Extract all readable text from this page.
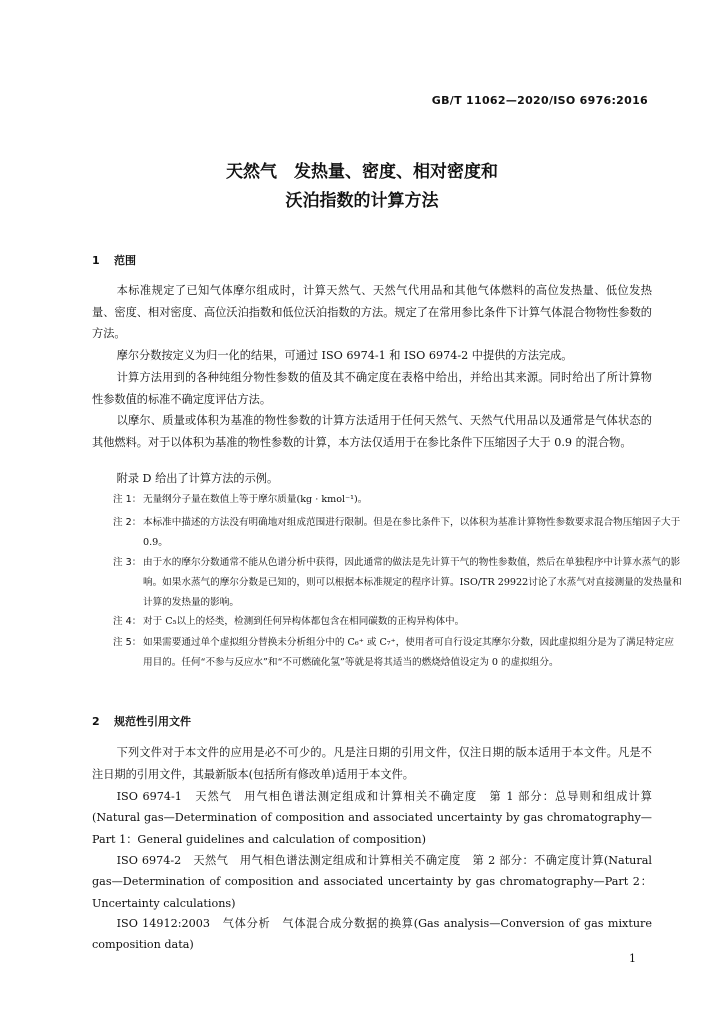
GB/T 11062—2020/ISO 6976:2016
天然气　发热量、密度、相对密度和
沃泊指数的计算方法
1 范围

本标准规定了已知气体摩尔组成时，计算天然气、天然气代用品和其他气体燃料的高位发热量、低位发热量、密度、相对密度、高位沃泊指数和低位沃泊指数的方法。规定了在常用参比条件下计算气体混合物物性参数的方法。

摩尔分数按定义为归一化的结果，可通过 ISO 6974-1 和 ISO 6974-2 中提供的方法完成。

计算方法用到的各种纯组分物性参数的值及其不确定度在表格中给出，并给出其来源。同时给出了所计算物性参数值的标准不确定度评估方法。

以摩尔、质量或体积为基准的物性参数的计算方法适用于任何天然气、天然气代用品以及通常是气体状态的其他燃料。对于以体积为基准的物性参数的计算，本方法仅适用于在参比条件下压缩因子大于 0.9 的混合物。

附录 D 给出了计算方法的示例。

注 1： 无量纲分子量在数值上等于摩尔质量(kg · kmol⁻¹)。
注 2： 本标准中描述的方法没有明确地对组成范围进行限制。但是在参比条件下，以体积为基准计算物性参数要求混合物压缩因子大于 0.9。
注 3： 由于水的摩尔分数通常不能从色谱分析中获得，因此通常的做法是先计算干气的物性参数值，然后在单独程序中计算水蒸气的影响。如果水蒸气的摩尔分数是已知的，则可以根据本标准规定的程序计算。ISO/TR 29922讨论了水蒸气对直接测量的发热量和计算的发热量的影响。
注 4： 对于 C₅以上的烃类，检测到任何异构体都包含在相同碳数的正构异构体中。
注 5： 如果需要通过单个虚拟组分替换未分析组分中的 C₆⁺ 或 C₇⁺，使用者可自行设定其摩尔分数，因此虚拟组分是为了满足特定应用目的。任何“不参与反应水”和“不可燃硫化氢”等就是将其适当的燃烧焓值设定为 0 的虚拟组分。
2 规范性引用文件

下列文件对于本文件的应用是必不可少的。凡是注日期的引用文件，仅注日期的版本适用于本文件。凡是不注日期的引用文件，其最新版本(包括所有修改单)适用于本文件。

ISO 6974-1　天然气　用气相色谱法测定组成和计算相关不确定度　第 1 部分：总导则和组成计算(Natural gas—Determination of composition and associated uncertainty by gas chromatography—Part 1：General guidelines and calculation of composition)

ISO 6974-2　天然气　用气相色谱法测定组成和计算相关不确定度　第 2 部分：不确定度计算(Natural gas—Determination of composition and associated uncertainty by gas chromatography—Part 2：Uncertainty calculations)

ISO 14912:2003　气体分析　气体混合成分数据的换算(Gas analysis—Conversion of gas mixture composition data)

1
